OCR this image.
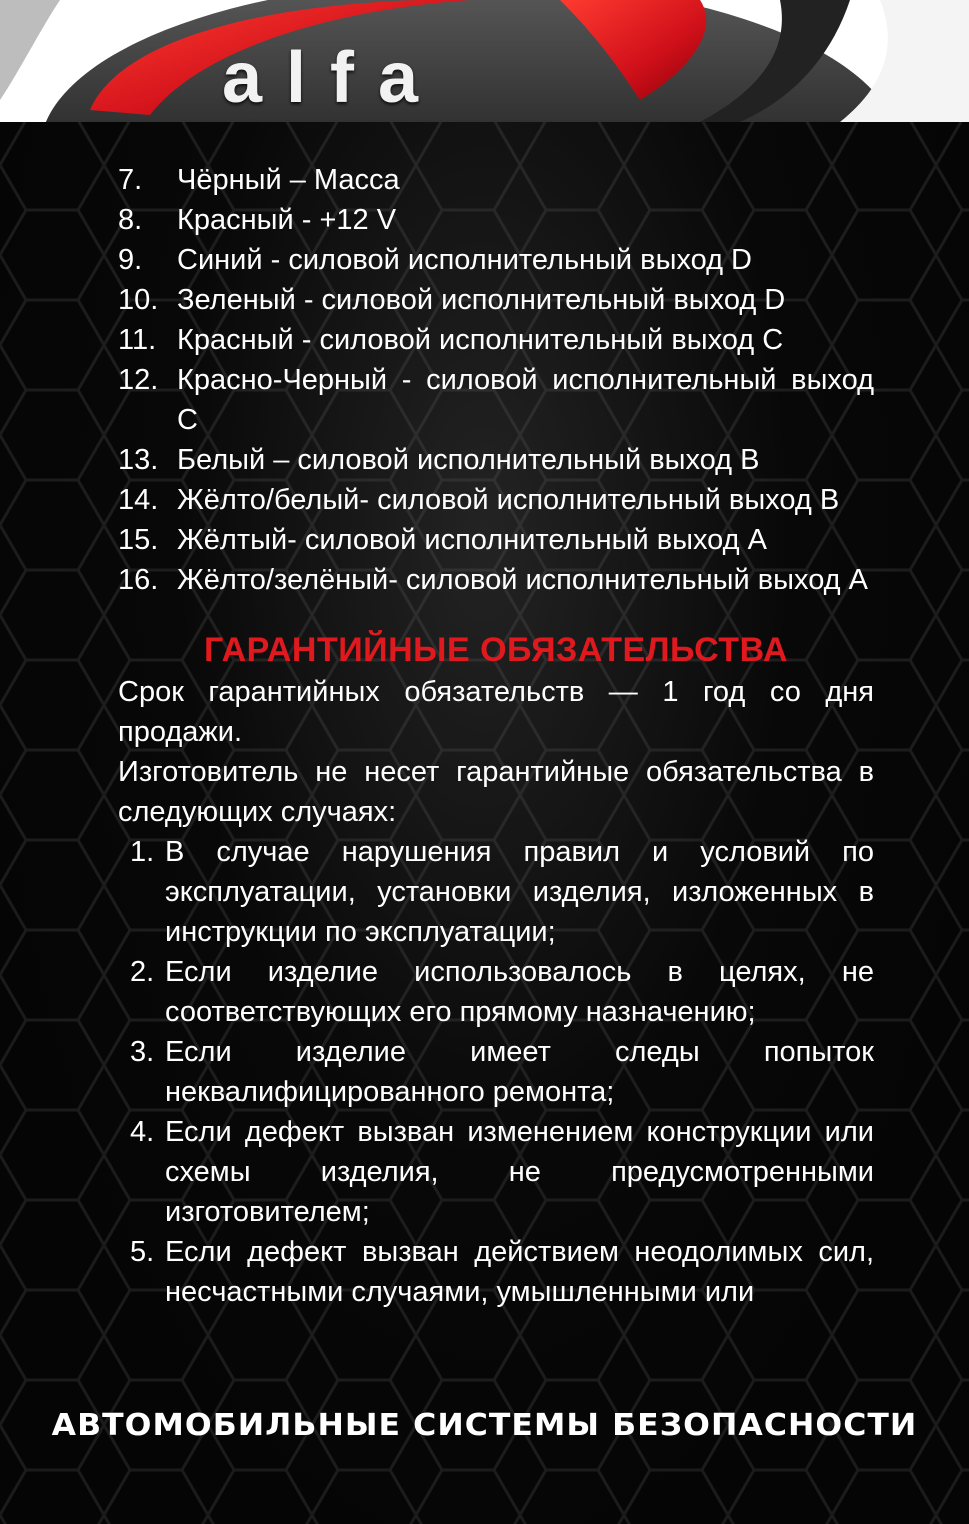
alfa
7. Чёрный – Масса
8. Красный - +12 V
9. Синий - силовой исполнительный выход D
10. Зеленый - силовой исполнительный выход D
11. Красный - силовой исполнительный выход C
12. Красно-Черный - силовой исполнительный выход C
13. Белый – силовой исполнительный выход B
14. Жёлто/белый- силовой исполнительный выход B
15. Жёлтый- силовой исполнительный выход A
16. Жёлто/зелёный- силовой исполнительный выход A
ГАРАНТИЙНЫЕ ОБЯЗАТЕЛЬСТВА

Срок гарантийных обязательств — 1 год со дня продажи.

Изготовитель не несет гарантийные обязательства в следующих случаях:

1. В случае нарушения правил и условий по эксплуатации, установки изделия, изложенных в инструкции по эксплуатации;
2. Если изделие использовалось в целях, не соответствующих его прямому назначению;
3. Если изделие имеет следы попыток неквалифицированного ремонта;
4. Если дефект вызван изменением конструкции или схемы изделия, не предусмотренными изготовителем;
5. Если дефект вызван действием неодолимых сил, несчастными случаями, умышленными или
АВТОМОБИЛЬНЫЕ СИСТЕМЫ БЕЗОПАСНОСТИ
